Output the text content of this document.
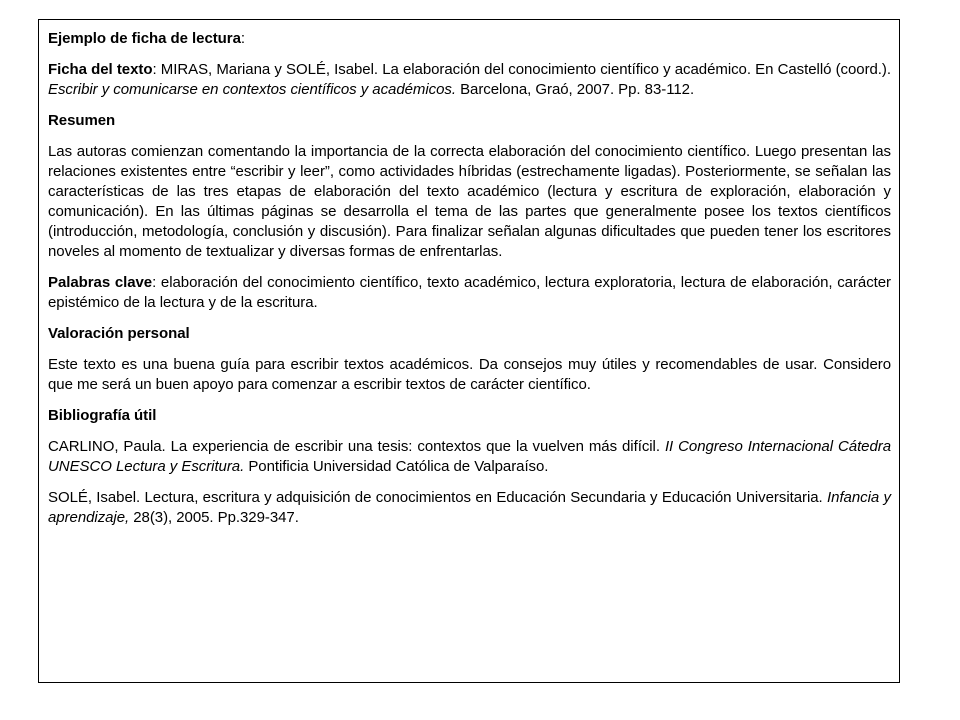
Ejemplo de ficha de lectura:

Ficha del texto: MIRAS, Mariana y SOLÉ, Isabel. La elaboración del conocimiento científico y académico. En Castelló (coord.). Escribir y comunicarse en contextos científicos y académicos. Barcelona, Graó, 2007. Pp. 83-112.

Resumen

Las autoras comienzan comentando la importancia de la correcta elaboración del conocimiento científico. Luego presentan las relaciones existentes entre “escribir y leer”, como actividades híbridas (estrechamente ligadas). Posteriormente, se señalan las características de las tres etapas de elaboración del texto académico (lectura y escritura de exploración, elaboración y comunicación). En las últimas páginas se desarrolla el tema de las partes que generalmente posee los textos científicos (introducción, metodología, conclusión y discusión). Para finalizar señalan algunas dificultades que pueden tener los escritores noveles al momento de textualizar y diversas formas de enfrentarlas.

Palabras clave: elaboración del conocimiento científico, texto académico, lectura exploratoria, lectura de elaboración, carácter epistémico de la lectura y de la escritura.

Valoración personal

Este texto es una buena guía para escribir textos académicos. Da consejos muy útiles y recomendables de usar. Considero que me será un buen apoyo para comenzar a escribir textos de carácter científico.

Bibliografía útil

CARLINO, Paula. La experiencia de escribir una tesis: contextos que la vuelven más difícil. II Congreso Internacional Cátedra UNESCO Lectura y Escritura. Pontificia Universidad Católica de Valparaíso.

SOLÉ, Isabel. Lectura, escritura y adquisición de conocimientos en Educación Secundaria y Educación Universitaria. Infancia y aprendizaje, 28(3), 2005. Pp.329-347.
